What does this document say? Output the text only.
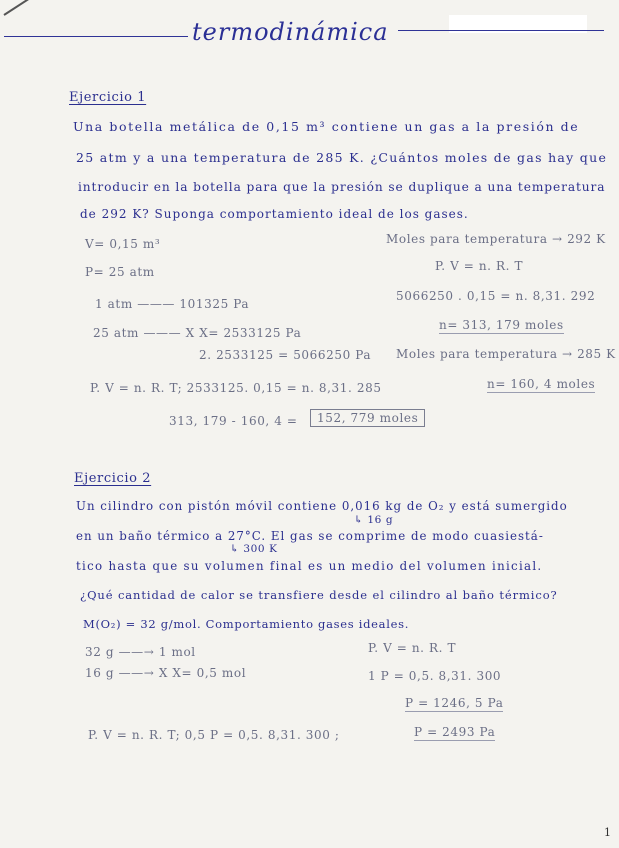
termodinámica
Ejercicio 1
Una botella metálica de 0,15 m³ contiene un gas a la presión de
25 atm y a una temperatura de 285 K. ¿Cuántos moles de gas hay que
introducir en la botella para que la presión se duplique a una temperatura
de 292 K? Suponga comportamiento ideal de los gases.
V= 0,15 m³
P= 25 atm
1 atm ——— 101325 Pa
25 atm ——— X X= 2533125 Pa
2. 2533125 = 5066250 Pa
Moles para temperatura → 292 K
P. V = n. R. T
5066250 . 0,15 = n. 8,31. 292
n= 313, 179 moles
Moles para temperatura → 285 K
P. V = n. R. T; 2533125. 0,15 = n. 8,31. 285	n= 160, 4 moles
313, 179 - 160, 4 =	152, 779 moles
Ejercicio 2
Un cilindro con pistón móvil contiene 0,016 kg de O₂ y está sumergido
↳ 16 g
en un baño térmico a 27°C. El gas se comprime de modo cuasiestá-
↳ 300 K
tico hasta que su volumen final es un medio del volumen inicial.
¿Qué cantidad de calor se transfiere desde el cilindro al baño térmico?
M(O₂) = 32 g/mol. Comportamiento gases ideales.
32 g ——→ 1 mol
16 g ——→ X X= 0,5 mol
P. V = n. R. T
1 P = 0,5. 8,31. 300
P = 1246, 5 Pa
P. V = n. R. T; 0,5 P = 0,5. 8,31. 300 ;	P = 2493 Pa
1
